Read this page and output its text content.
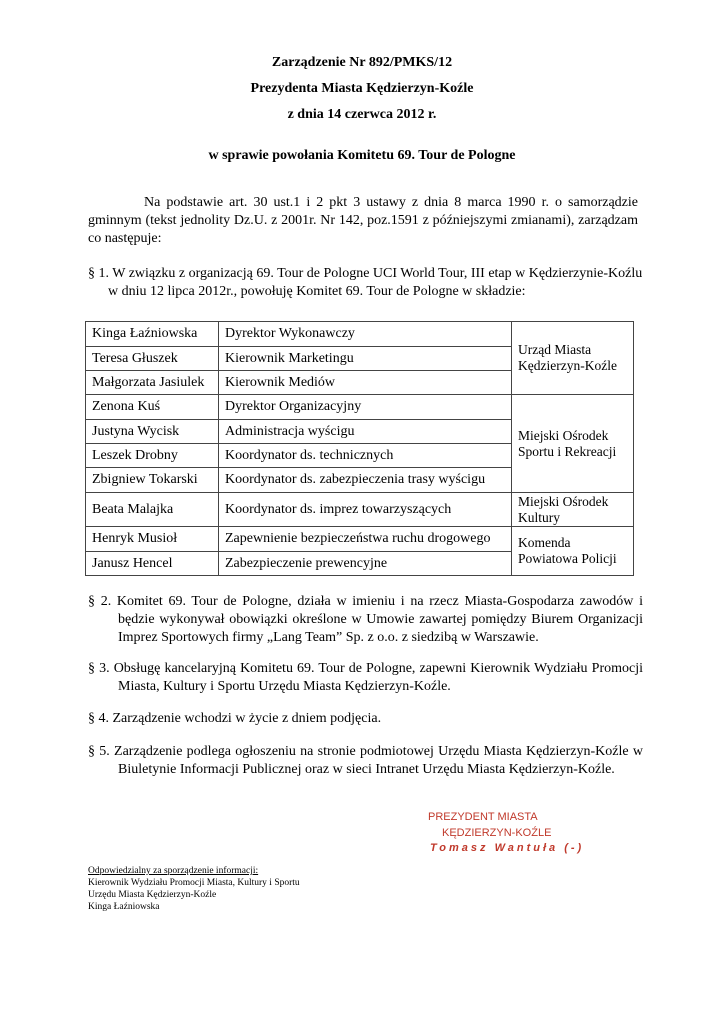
Zarządzenie Nr 892/PMKS/12
Prezydenta Miasta Kędzierzyn-Koźle
z dnia 14 czerwca 2012 r.
w sprawie powołania Komitetu 69. Tour de Pologne
Na podstawie art. 30 ust.1 i 2 pkt 3 ustawy z dnia 8 marca 1990 r. o samorządzie gminnym (tekst jednolity Dz.U. z 2001r. Nr 142, poz.1591 z późniejszymi zmianami), zarządzam co następuje:
§ 1. W związku z organizacją 69. Tour de Pologne UCI World Tour, III etap w Kędzierzynie-Koźlu w dniu 12 lipca 2012r., powołuję Komitet 69. Tour de Pologne w składzie:
Kinga Łaźniowska	Dyrektor Wykonawczy	Urząd Miasta
Kędzierzyn-Koźle

Teresa Głuszek	Kierownik Marketingu	
Małgorzata Jasiulek	Kierownik Mediów	
Zenona Kuś	Dyrektor Organizacyjny	Miejski Ośrodek
Sportu i Rekreacji

Justyna Wycisk	Administracja wyścigu	
Leszek Drobny	Koordynator ds. technicznych	
Zbigniew Tokarski	Koordynator ds. zabezpieczenia trasy wyścigu	
Beata Malajka	Koordynator ds. imprez towarzyszących	Miejski Ośrodek
Kultury

Henryk Musioł	Zapewnienie bezpieczeństwa ruchu drogowego	Komenda
Powiatowa Policji

Janusz Hencel	Zabezpieczenie prewencyjne	
§ 2. Komitet 69. Tour de Pologne, działa w imieniu i na rzecz Miasta-Gospodarza zawodów i będzie wykonywał obowiązki określone w Umowie zawartej pomiędzy Biurem Organizacji Imprez Sportowych firmy „Lang Team” Sp. z o.o. z siedzibą w Warszawie.
§ 3. Obsługę kancelaryjną Komitetu 69. Tour de Pologne, zapewni Kierownik Wydziału Promocji Miasta, Kultury i Sportu Urzędu Miasta Kędzierzyn-Koźle.
§ 4. Zarządzenie wchodzi w życie z dniem podjęcia.
§ 5. Zarządzenie podlega ogłoszeniu na stronie podmiotowej Urzędu Miasta Kędzierzyn-Koźle w Biuletynie Informacji Publicznej oraz w sieci Intranet Urzędu Miasta Kędzierzyn-Koźle.
PREZYDENT MIASTA
KĘDZIERZYN-KOŹLE
Tomasz Wantuła (-)
Odpowiedzialny za sporządzenie informacji:
Kierownik Wydziału Promocji Miasta, Kultury i Sportu
Urzędu Miasta Kędzierzyn-Koźle
Kinga Łaźniowska
